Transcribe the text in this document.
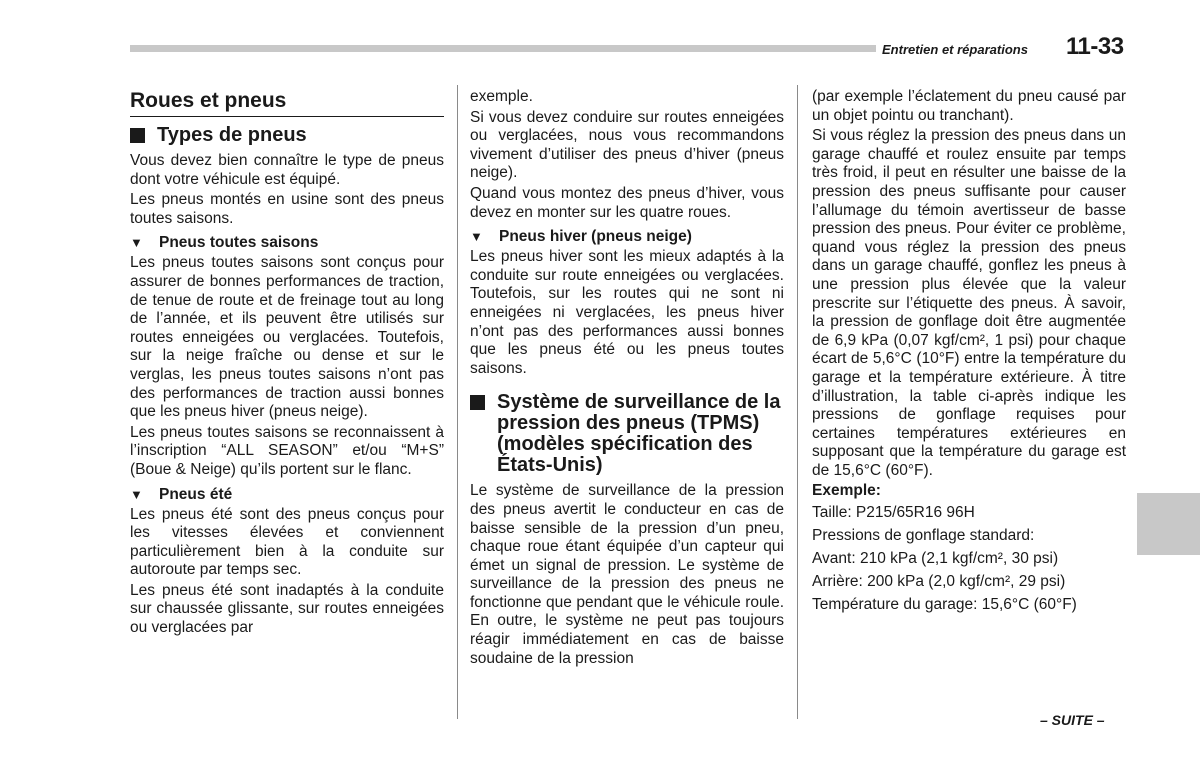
Entretien et réparations 11-33
Roues et pneus
Types de pneus

Vous devez bien connaître le type de pneus dont votre véhicule est équipé.

Les pneus montés en usine sont des pneus toutes saisons.

▼	Pneus toutes saisons

Les pneus toutes saisons sont conçus pour assurer de bonnes performances de traction, de tenue de route et de freinage tout au long de l’année, et ils peuvent être utilisés sur routes enneigées ou verglacées. Toutefois, sur la neige fraîche ou dense et sur le verglas, les pneus toutes saisons n’ont pas des performances de traction aussi bonnes que les pneus hiver (pneus neige).

Les pneus toutes saisons se reconnaissent à l’inscription “ALL SEASON” et/ou “M+S” (Boue & Neige) qu’ils portent sur le flanc.

▼	Pneus été

Les pneus été sont des pneus conçus pour les vitesses élevées et conviennent particulièrement bien à la conduite sur autoroute par temps sec.

Les pneus été sont inadaptés à la conduite sur chaussée glissante, sur routes enneigées ou verglacées par

exemple.

Si vous devez conduire sur routes enneigées ou verglacées, nous vous recommandons vivement d’utiliser des pneus d’hiver (pneus neige).

Quand vous montez des pneus d’hiver, vous devez en monter sur les quatre roues.

▼	Pneus hiver (pneus neige)

Les pneus hiver sont les mieux adaptés à la conduite sur route enneigées ou verglacées. Toutefois, sur les routes qui ne sont ni enneigées ni verglacées, les pneus hiver n’ont pas des performances aussi bonnes que les pneus été ou les pneus toutes saisons.

Système de surveillance de la pression des pneus (TPMS) (modèles spécification des États-Unis)

Le système de surveillance de la pression des pneus avertit le conducteur en cas de baisse sensible de la pression d’un pneu, chaque roue étant équipée d’un capteur qui émet un signal de pression. Le système de surveillance de la pression des pneus ne fonctionne que pendant que le véhicule roule. En outre, le système ne peut pas toujours réagir immédiatement en cas de baisse soudaine de la pression

(par exemple l’éclatement du pneu causé par un objet pointu ou tranchant).

Si vous réglez la pression des pneus dans un garage chauffé et roulez ensuite par temps très froid, il peut en résulter une baisse de la pression des pneus suffisante pour causer l’allumage du témoin avertisseur de basse pression des pneus. Pour éviter ce problème, quand vous réglez la pression des pneus dans un garage chauffé, gonflez les pneus à une pression plus élevée que la valeur prescrite sur l’étiquette des pneus. À savoir, la pression de gonflage doit être augmentée de 6,9 kPa (0,07 kgf/cm², 1 psi) pour chaque écart de 5,6°C (10°F) entre la température du garage et la température extérieure. À titre d’illustration, la table ci-après indique les pressions de gonflage requises pour certaines températures extérieures en supposant que la température du garage est de 15,6°C (60°F).

Exemple:
Taille: P215/65R16 96H
Pressions de gonflage standard:
Avant: 210 kPa (2,1 kgf/cm², 30 psi)
Arrière: 200 kPa (2,0 kgf/cm², 29 psi)
Température du garage: 15,6°C (60°F)
– SUITE –
